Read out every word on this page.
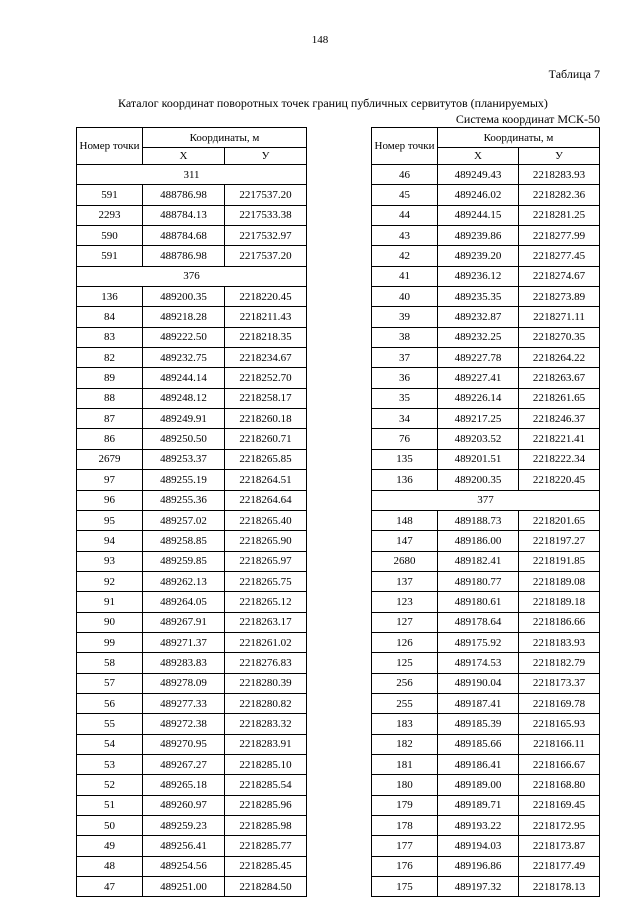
148
Таблица 7
Каталог координат поворотных точек границ публичных сервитутов (планируемых)
Система координат МСК-50
Номер точки	Координаты, м	
	X	У
311		
591	488786.98	2217537.20
2293	488784.13	2217533.38
590	488784.68	2217532.97
591	488786.98	2217537.20
376		
136	489200.35	2218220.45
84	489218.28	2218211.43
83	489222.50	2218218.35
82	489232.75	2218234.67
89	489244.14	2218252.70
88	489248.12	2218258.17
87	489249.91	2218260.18
86	489250.50	2218260.71
2679	489253.37	2218265.85
97	489255.19	2218264.51
96	489255.36	2218264.64
95	489257.02	2218265.40
94	489258.85	2218265.90
93	489259.85	2218265.97
92	489262.13	2218265.75
91	489264.05	2218265.12
90	489267.91	2218263.17
99	489271.37	2218261.02
58	489283.83	2218276.83
57	489278.09	2218280.39
56	489277.33	2218280.82
55	489272.38	2218283.32
54	489270.95	2218283.91
53	489267.27	2218285.10
52	489265.18	2218285.54
51	489260.97	2218285.96
50	489259.23	2218285.98
49	489256.41	2218285.77
48	489254.56	2218285.45
47	489251.00	2218284.50
Номер точки	Координаты, м	
	X	У
46	489249.43	2218283.93
45	489246.02	2218282.36
44	489244.15	2218281.25
43	489239.86	2218277.99
42	489239.20	2218277.45
41	489236.12	2218274.67
40	489235.35	2218273.89
39	489232.87	2218271.11
38	489232.25	2218270.35
37	489227.78	2218264.22
36	489227.41	2218263.67
35	489226.14	2218261.65
34	489217.25	2218246.37
76	489203.52	2218221.41
135	489201.51	2218222.34
136	489200.35	2218220.45
377		
148	489188.73	2218201.65
147	489186.00	2218197.27
2680	489182.41	2218191.85
137	489180.77	2218189.08
123	489180.61	2218189.18
127	489178.64	2218186.66
126	489175.92	2218183.93
125	489174.53	2218182.79
256	489190.04	2218173.37
255	489187.41	2218169.78
183	489185.39	2218165.93
182	489185.66	2218166.11
181	489186.41	2218166.67
180	489189.00	2218168.80
179	489189.71	2218169.45
178	489193.22	2218172.95
177	489194.03	2218173.87
176	489196.86	2218177.49
175	489197.32	2218178.13
